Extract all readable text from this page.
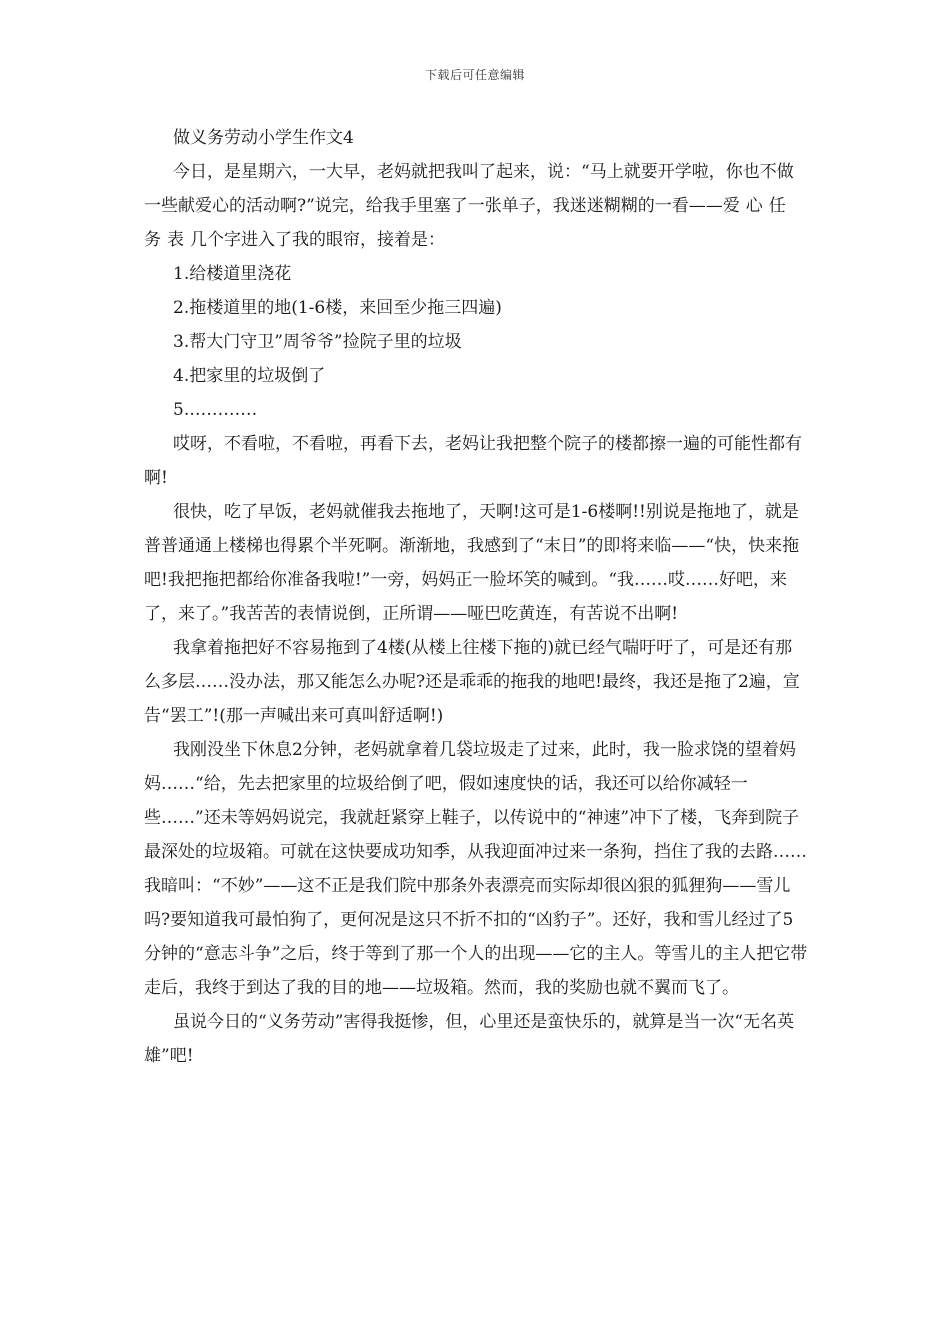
下载后可任意编辑

做义务劳动小学生作文4

今日，是星期六，一大早，老妈就把我叫了起来，说：“马上就要开学啦，你也不做一些献爱心的活动啊?”说完，给我手里塞了一张单子，我迷迷糊糊的一看——爱心任务表几个字进入了我的眼帘，接着是：

1.给楼道里浇花

2.拖楼道里的地(1-6楼，来回至少拖三四遍)

3.帮大门守卫”周爷爷”捡院子里的垃圾

4.把家里的垃圾倒了

5.…………

哎呀，不看啦，不看啦，再看下去，老妈让我把整个院子的楼都擦一遍的可能性都有啊!

很快，吃了早饭，老妈就催我去拖地了，天啊!这可是1-6楼啊!!别说是拖地了，就是普普通通上楼梯也得累个半死啊。渐渐地，我感到了“末日”的即将来临——“快，快来拖吧!我把拖把都给你准备我啦!”一旁，妈妈正一脸坏笑的喊到。“我……哎……好吧，来了，来了。”我苦苦的表情说倒，正所谓——哑巴吃黄连，有苦说不出啊!

我拿着拖把好不容易拖到了4楼(从楼上往楼下拖的)就已经气喘吁吁了，可是还有那么多层……没办法，那又能怎么办呢?还是乖乖的拖我的地吧!最终，我还是拖了2遍，宣告“罢工”!(那一声喊出来可真叫舒适啊!)

我刚没坐下休息2分钟，老妈就拿着几袋垃圾走了过来，此时，我一脸求饶的望着妈妈……“给，先去把家里的垃圾给倒了吧，假如速度快的话，我还可以给你减轻一些……”还未等妈妈说完，我就赶紧穿上鞋子，以传说中的“神速”冲下了楼，飞奔到院子最深处的垃圾箱。可就在这快要成功知季，从我迎面冲过来一条狗，挡住了我的去路……我暗叫：“不妙”——这不正是我们院中那条外表漂亮而实际却很凶狠的狐狸狗——雪儿吗?要知道我可最怕狗了，更何况是这只不折不扣的“凶豹子”。还好，我和雪儿经过了5分钟的“意志斗争”之后，终于等到了那一个人的出现——它的主人。等雪儿的主人把它带走后，我终于到达了我的目的地——垃圾箱。然而，我的奖励也就不翼而飞了。

虽说今日的“义务劳动”害得我挺惨，但，心里还是蛮快乐的，就算是当一次“无名英雄”吧!
